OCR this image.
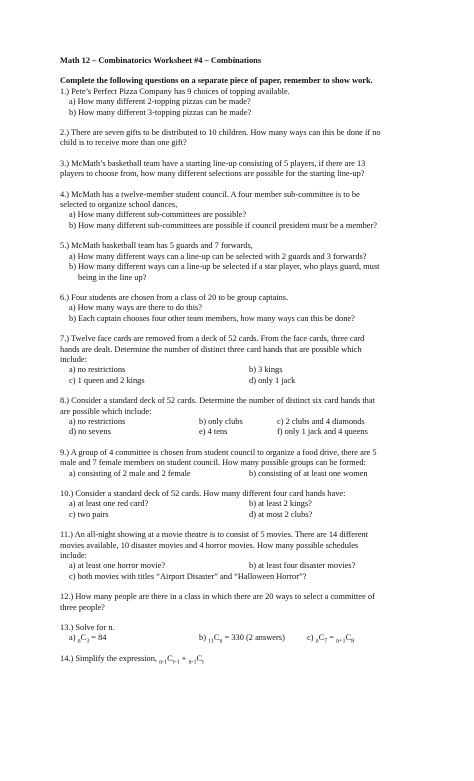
Math 12 – Combinatorics Worksheet #4 – Combinations
Complete the following questions on a separate piece of paper, remember to show work.
1.) Pete’s Perfect Pizza Company has 9 choices of topping available.
a) How many different 2-topping pizzas can be made?
b) How many different 3-topping pizzas can be made?
2.) There are seven gifts to be distributed to 10 children. How many ways can this be done if no
child is to receive more than one gift?
3.) McMath’s basketball team have a starting line-up consisting of 5 players, if there are 13
players to choose from, how many different selections are possible for the starting line-up?
4.) McMath has a twelve-member student council. A four member sub-committee is to be
selected to organize school dances,
a) How many different sub-committees are possible?
b) How many different sub-committees are possible if council president must be a member?
5.) McMath basketball team has 5 guards and 7 forwards,
a) How many different ways can a line-up can be selected with 2 guards and 3 forwards?
b) How many different ways can a line-up be selected if a star player, who plays guard, must
being in the line up?
6.) Four students are chosen from a class of 20 to be group captains.
a) How many ways are there to do this?
b) Each captain chooses four other team members, how many ways can this be done?
7.) Twelve face cards are removed from a deck of 52 cards. From the face cards, three card
hands are dealt. Determine the number of distinct three card hands that are possible which
include:
a) no restrictions	b) 3 kings
c) 1 queen and 2 kings	d) only 1 jack
8.) Consider a standard deck of 52 cards. Determine the number of distinct six card hands that
are possible which include:
a) no restrictions	b) only clubs	c) 2 clubs and 4 diamonds
d) no sevens	e) 4 tens	f) only 1 jack and 4 queens
9.) A group of 4 committee is chosen from student council to organize a food drive, there are 5
male and 7 female members on student council. How many possible groups can be formed:
a) consisting of 2 male and 2 female	b) consisting of at least one women
10.) Consider a standard deck of 52 cards. How many different four card hands have:
a) at least one red card?	b) at least 2 kings?
c) two pairs	d) at most 2 clubs?
11.) An all-night showing at a movie theatre is to consist of 5 movies. There are 14 different
movies available, 10 disaster movies and 4 horror movies. How many possible schedules
include:
a) at least one horror movie?	b) at least four disaster movies?
c) both movies with titles “Airport Disaster” and “Halloween Horror”?
12.) How many people are there in a class in which there are 20 ways to select a committee of
three people?
13.) Solve for n.
a) $_nC_3 = 84$	b) $_{11}C_n = 330$ (2 answers)	c) $_nC_7 = _{n+1}C_8$
14.) Simplify the expression, $_{n-1}C_{r-1} + _{n-1}C_r$
